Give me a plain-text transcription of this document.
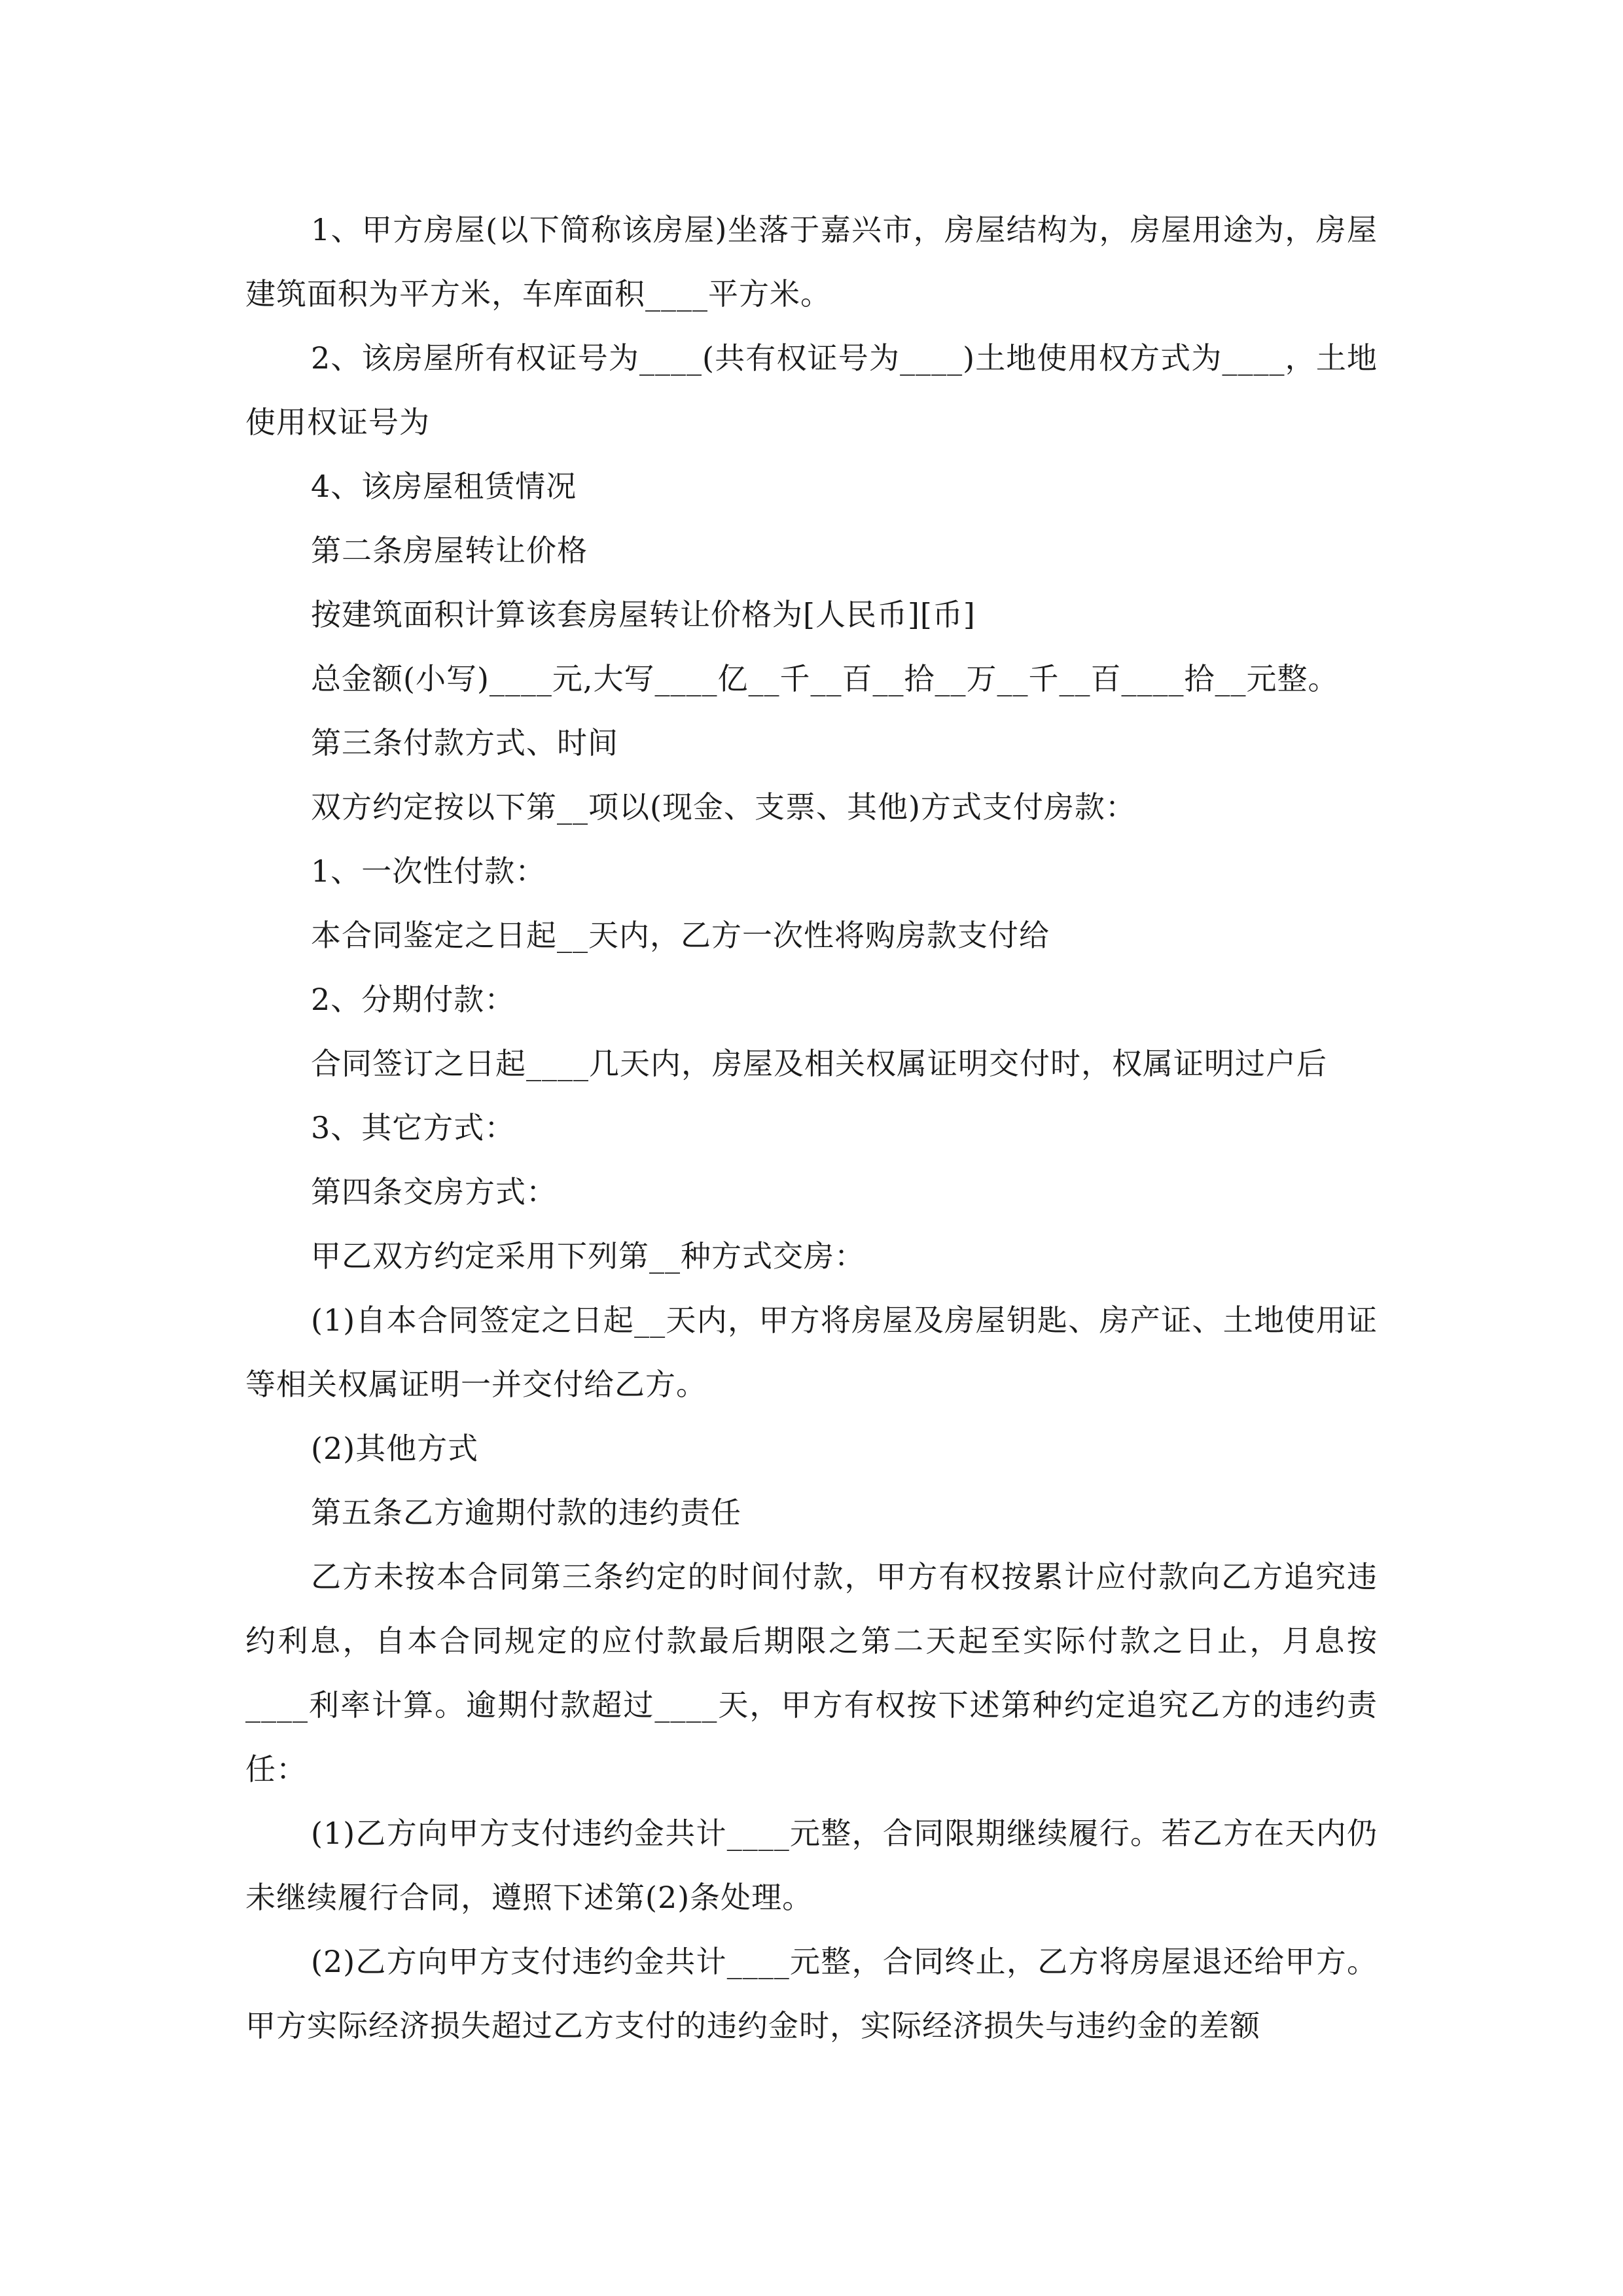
1、甲方房屋(以下简称该房屋)坐落于嘉兴市，房屋结构为，房屋用途为，房屋建筑面积为平方米，车库面积____平方米。

2、该房屋所有权证号为____(共有权证号为____)土地使用权方式为____，土地使用权证号为

4、该房屋租赁情况

第二条房屋转让价格

按建筑面积计算该套房屋转让价格为[人民币][币]

总金额(小写)____元,大写____亿__千__百__拾__万__千__百____拾__元整。

第三条付款方式、时间

双方约定按以下第__项以(现金、支票、其他)方式支付房款：

1、一次性付款：

本合同鉴定之日起__天内，乙方一次性将购房款支付给

2、分期付款：

合同签订之日起____几天内，房屋及相关权属证明交付时，权属证明过户后

3、其它方式：

第四条交房方式：

甲乙双方约定采用下列第__种方式交房：

(1)自本合同签定之日起__天内，甲方将房屋及房屋钥匙、房产证、土地使用证等相关权属证明一并交付给乙方。

(2)其他方式

第五条乙方逾期付款的违约责任

乙方未按本合同第三条约定的时间付款，甲方有权按累计应付款向乙方追究违约利息，自本合同规定的应付款最后期限之第二天起至实际付款之日止，月息按____利率计算。逾期付款超过____天，甲方有权按下述第种约定追究乙方的违约责任：

(1)乙方向甲方支付违约金共计____元整，合同限期继续履行。若乙方在天内仍未继续履行合同，遵照下述第(2)条处理。

(2)乙方向甲方支付违约金共计____元整，合同终止，乙方将房屋退还给甲方。甲方实际经济损失超过乙方支付的违约金时，实际经济损失与违约金的差额
